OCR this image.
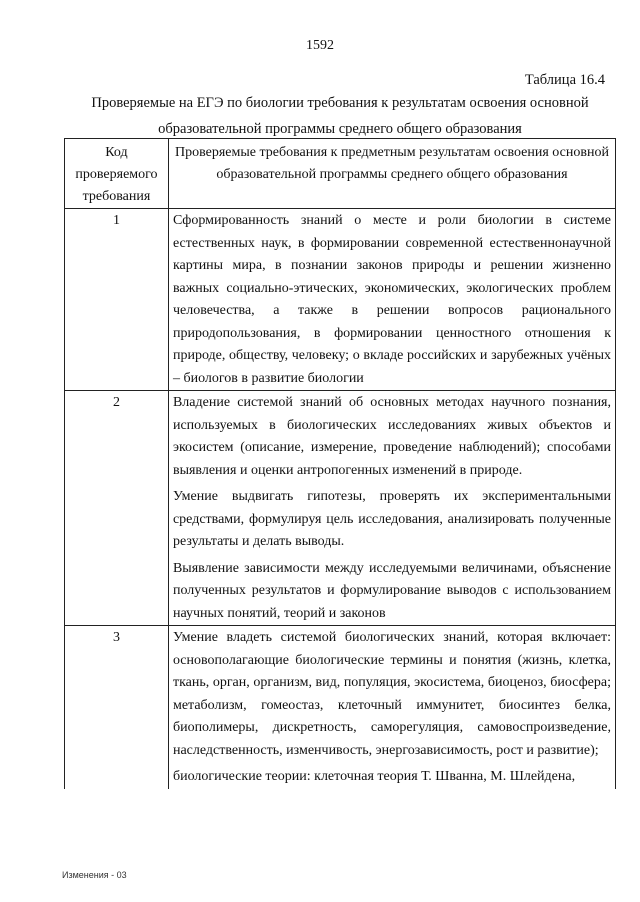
1592
Таблица 16.4
Проверяемые на ЕГЭ по биологии требования к результатам освоения основной образовательной программы среднего общего образования
Код проверяемого требования	Проверяемые требования к предметным результатам освоения основной образовательной программы среднего общего образования
1	Сформированность знаний о месте и роли биологии в системе естественных наук, в формировании современной естественнонаучной картины мира, в познании законов природы и решении жизненно важных социально-этических, экономических, экологических проблем человечества, а также в решении вопросов рационального природопользования, в формировании ценностного отношения к природе, обществу, человеку; о вкладе российских и зарубежных учёных – биологов в развитие биологии

2	Владение системой знаний об основных методах научного познания, используемых в биологических исследованиях живых объектов и экосистем (описание, измерение, проведение наблюдений); способами выявления и оценки антропогенных изменений в природе.

Умение выдвигать гипотезы, проверять их экспериментальными средствами, формулируя цель исследования, анализировать полученные результаты и делать выводы.

Выявление зависимости между исследуемыми величинами, объяснение полученных результатов и формулирование выводов с использованием научных понятий, теорий и законов

3	Умение владеть системой биологических знаний, которая включает: основополагающие биологические термины и понятия (жизнь, клетка, ткань, орган, организм, вид, популяция, экосистема, биоценоз, биосфера; метаболизм, гомеостаз, клеточный иммунитет, биосинтез белка, биополимеры, дискретность, саморегуляция, самовоспроизведение, наследственность, изменчивость, энергозависимость, рост и развитие);

биологические теории: клеточная теория Т. Шванна, М. Шлейдена,

Изменения - 03
